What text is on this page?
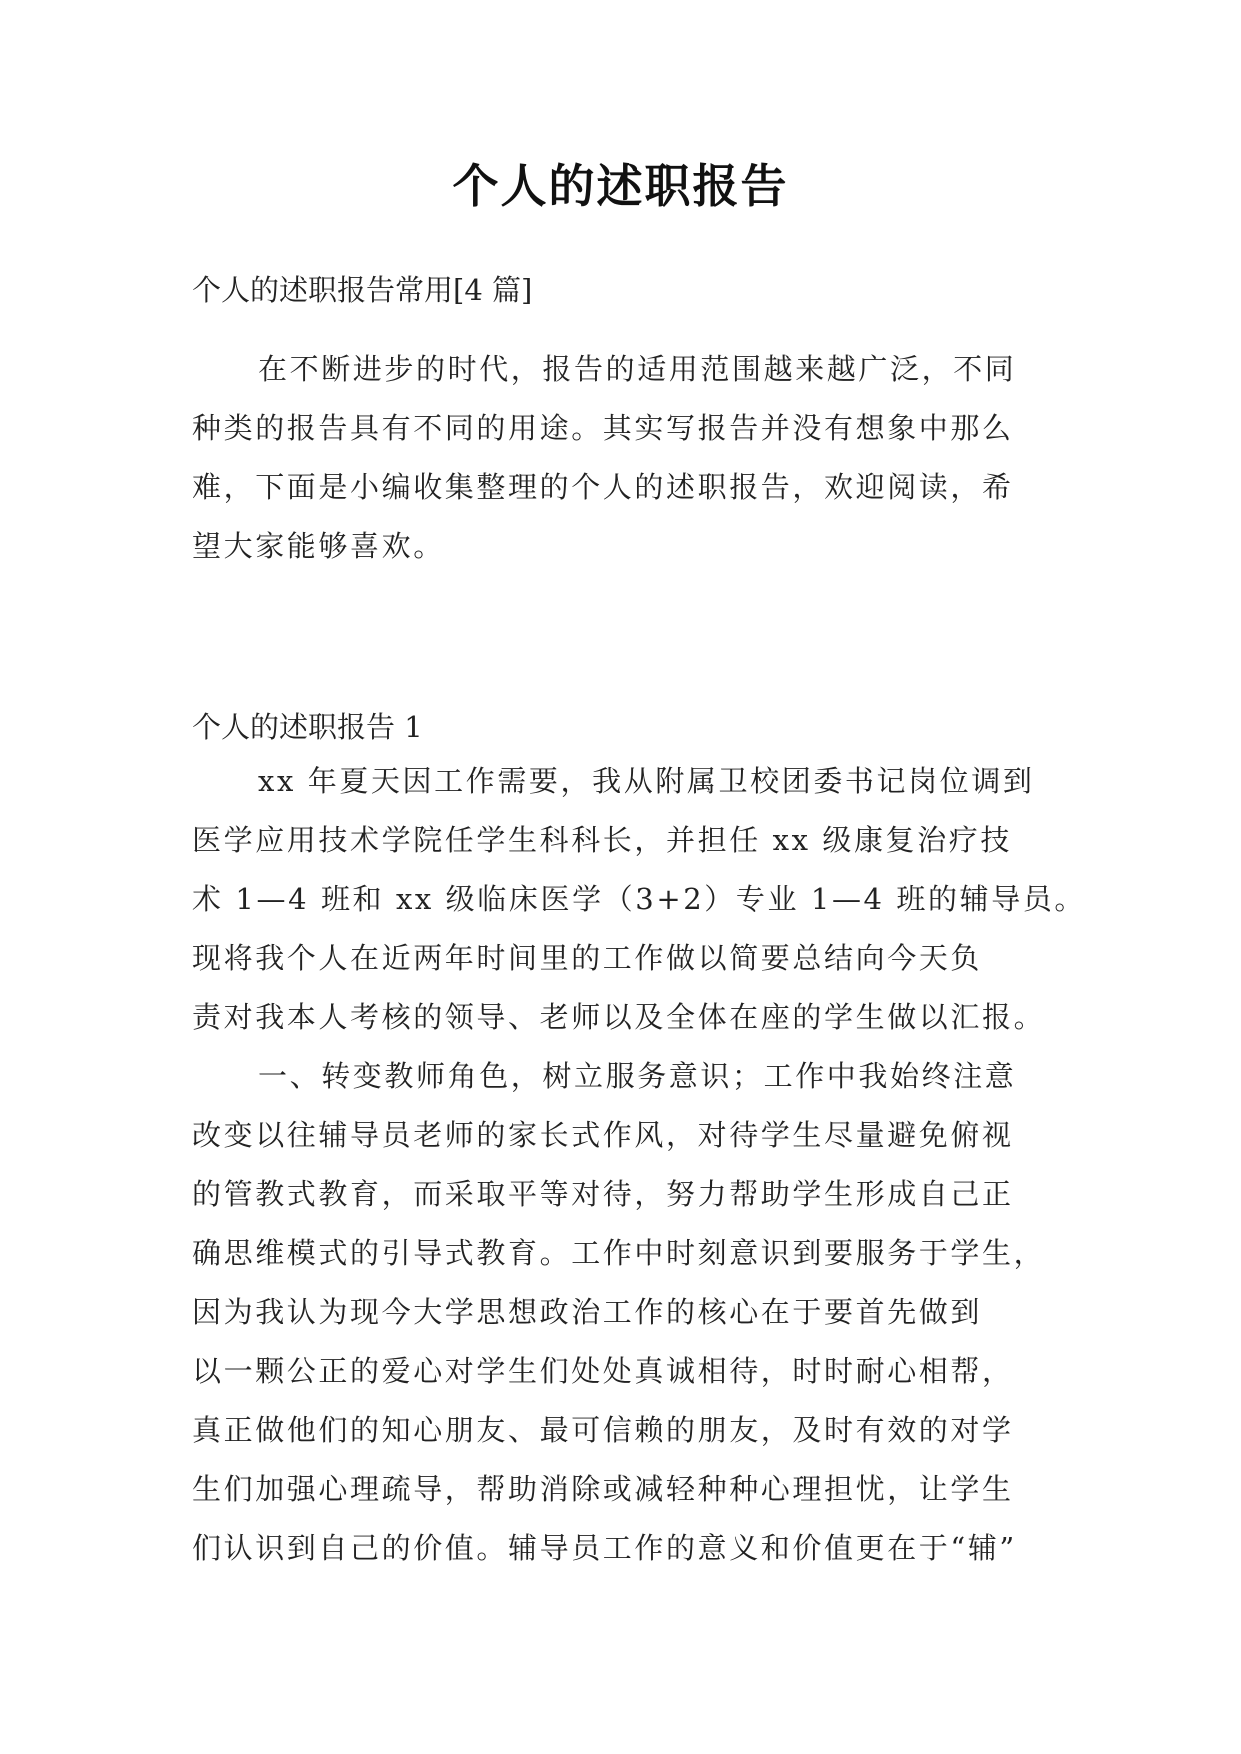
个人的述职报告
个人的述职报告常用[4 篇]
在不断进步的时代，报告的适用范围越来越广泛，不同
种类的报告具有不同的用途。其实写报告并没有想象中那么
难，下面是小编收集整理的个人的述职报告，欢迎阅读，希
望大家能够喜欢。
个人的述职报告 1
xx 年夏天因工作需要，我从附属卫校团委书记岗位调到
医学应用技术学院任学生科科长，并担任 xx 级康复治疗技
术 1—4 班和 xx 级临床医学（3+2）专业 1—4 班的辅导员。
现将我个人在近两年时间里的工作做以简要总结向今天负
责对我本人考核的领导、老师以及全体在座的学生做以汇报。
一、转变教师角色，树立服务意识；工作中我始终注意
改变以往辅导员老师的家长式作风，对待学生尽量避免俯视
的管教式教育，而采取平等对待，努力帮助学生形成自己正
确思维模式的引导式教育。工作中时刻意识到要服务于学生，
因为我认为现今大学思想政治工作的核心在于要首先做到
以一颗公正的爱心对学生们处处真诚相待，时时耐心相帮，
真正做他们的知心朋友、最可信赖的朋友，及时有效的对学
生们加强心理疏导，帮助消除或减轻种种心理担忧，让学生
们认识到自己的价值。辅导员工作的意义和价值更在于“辅”
